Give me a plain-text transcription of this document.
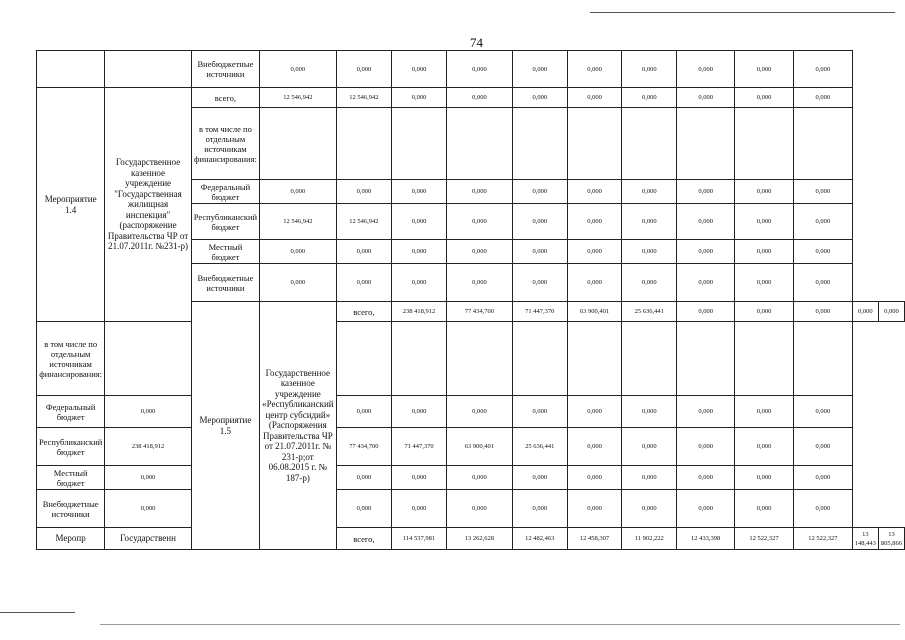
74
		Внебюджетные источники	0,000	0,000	0,000	0,000	0,000	0,000	0,000	0,000	0,000	0,000		
Мероприятие 1.4	Государственное казенное учреждение "Государственная жилищная инспекция" (распоряжение Правительства ЧР от 21.07.2011г. №231-р)	всего,	12 546,942	12 546,942	0,000	0,000	0,000	0,000	0,000	0,000	0,000	0,000		
		в том числе по отдельным источникам финансирования:												
		Федеральный бюджет	0,000	0,000	0,000	0,000	0,000	0,000	0,000	0,000	0,000	0,000		
		Республиканский бюджет	12 546,942	12 546,942	0,000	0,000	0,000	0,000	0,000	0,000	0,000	0,000		
		Местный бюджет	0,000	0,000	0,000	0,000	0,000	0,000	0,000	0,000	0,000	0,000		
		Внебюджетные источники	0,000	0,000	0,000	0,000	0,000	0,000	0,000	0,000	0,000	0,000		
		Мероприятие 1.5	Государственное казенное учреждение «Республиканский центр субсидий» (Распоряжения Правительства ЧР от 21.07.2011г. № 231-р;от 06.08.2015 г. № 187-р)	всего,	238 418,912	77 434,700	71 447,370	63 900,401	25 636,441	0,000	0,000	0,000	0,000	0,000
в том числе по отдельным источникам финансирования:														
Федеральный бюджет	0,000			0,000	0,000	0,000	0,000	0,000	0,000	0,000	0,000	0,000		
Республиканский бюджет	238 418,912			77 434,700	71 447,370	63 900,401	25 636,441	0,000	0,000	0,000	0,000	0,000		
Местный бюджет	0,000			0,000	0,000	0,000	0,000	0,000	0,000	0,000	0,000	0,000		
Внебюджетные источники	0,000			0,000	0,000	0,000	0,000	0,000	0,000	0,000	0,000	0,000		
Меропр	Государственн			всего,	114 537,981	13 262,628	12 482,463	12 458,307	11 902,222	12 433,398	12 522,327	12 522,327	13 148,443	13 805,866
